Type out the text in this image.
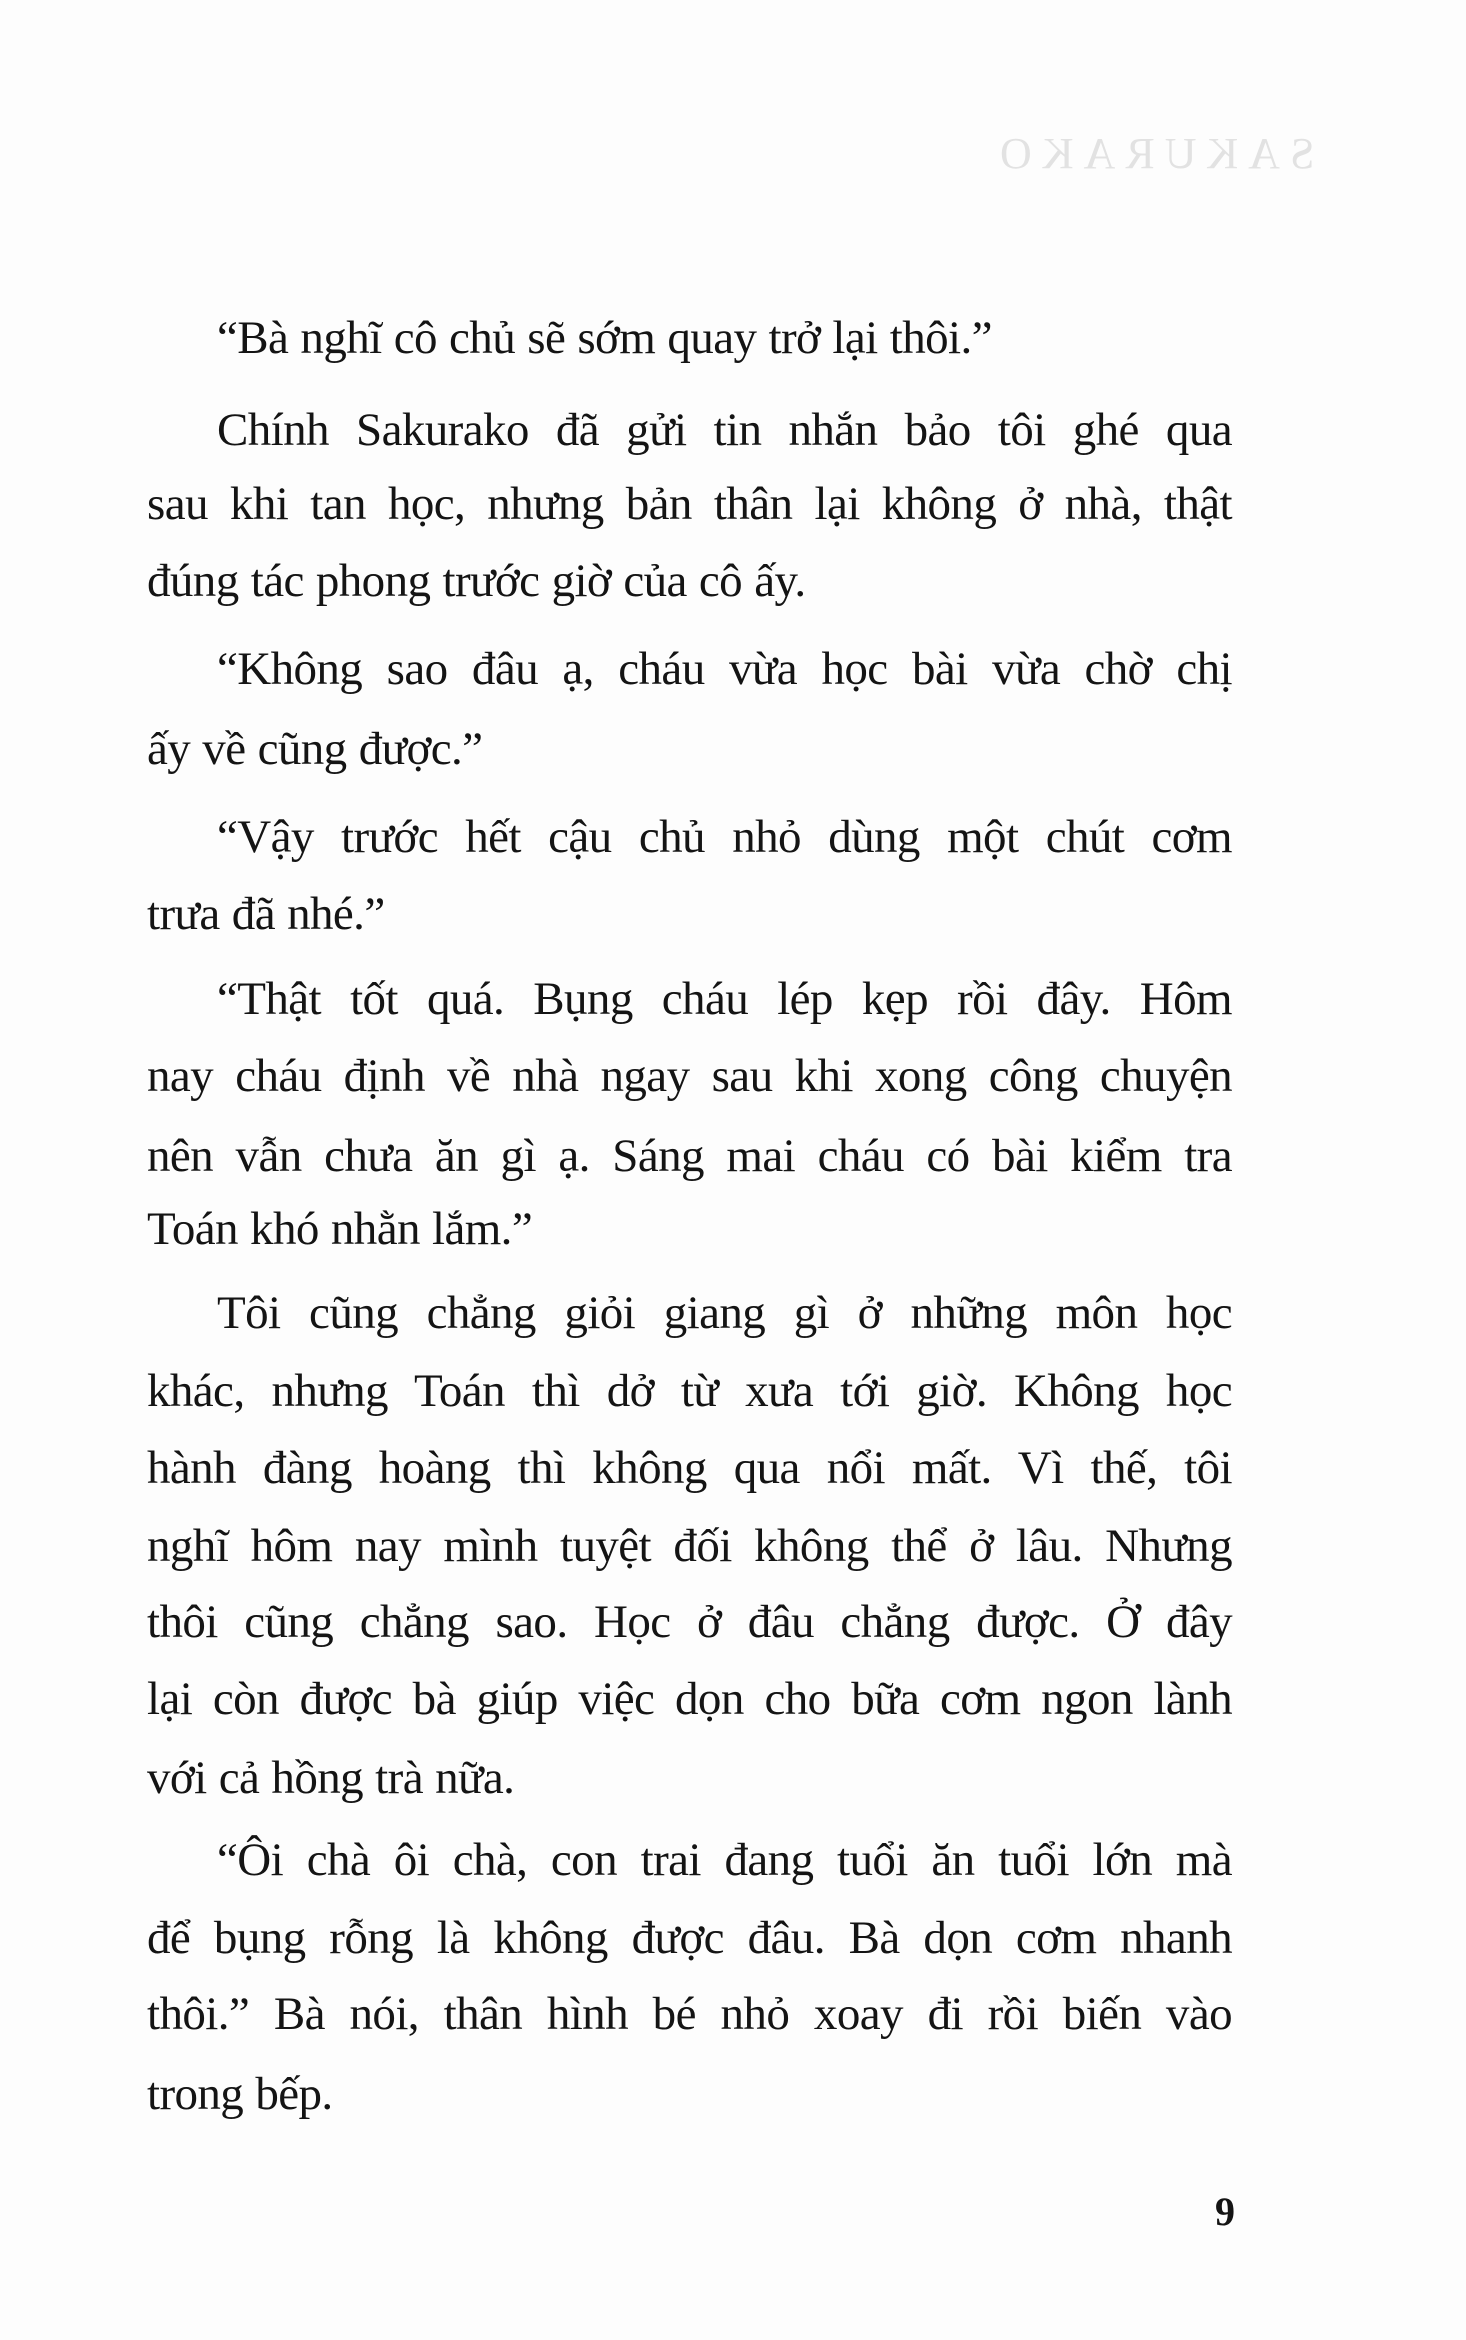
SAKURAKO
“Bà nghĩ cô chủ sẽ sớm quay trở lại thôi.”
Chính Sakurako đã gửi tin nhắn bảo tôi ghé qua
sau khi tan học, nhưng bản thân lại không ở nhà, thật
đúng tác phong trước giờ của cô ấy.
“Không sao đâu ạ, cháu vừa học bài vừa chờ chị
ấy về cũng được.”
“Vậy trước hết cậu chủ nhỏ dùng một chút cơm
trưa đã nhé.”
“Thật tốt quá. Bụng cháu lép kẹp rồi đây. Hôm
nay cháu định về nhà ngay sau khi xong công chuyện
nên vẫn chưa ăn gì ạ. Sáng mai cháu có bài kiểm tra
Toán khó nhằn lắm.”
Tôi cũng chẳng giỏi giang gì ở những môn học
khác, nhưng Toán thì dở từ xưa tới giờ. Không học
hành đàng hoàng thì không qua nổi mất. Vì thế, tôi
nghĩ hôm nay mình tuyệt đối không thể ở lâu. Nhưng
thôi cũng chẳng sao. Học ở đâu chẳng được. Ở đây
lại còn được bà giúp việc dọn cho bữa cơm ngon lành
với cả hồng trà nữa.
“Ôi chà ôi chà, con trai đang tuổi ăn tuổi lớn mà
để bụng rỗng là không được đâu. Bà dọn cơm nhanh
thôi.” Bà nói, thân hình bé nhỏ xoay đi rồi biến vào
trong bếp.
9
